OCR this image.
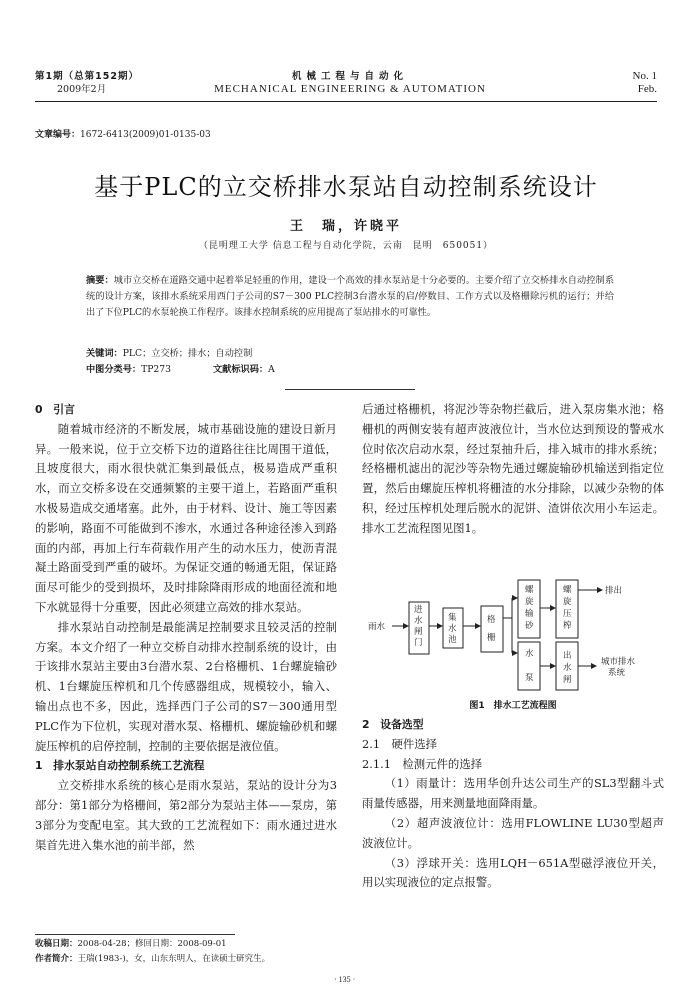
第1期（总第152期）
2009年2月
机械工程与自动化
MECHANICAL ENGINEERING & AUTOMATION
No. 1
Feb.
文章编号：1672-6413(2009)01-0135-03
基于PLC的立交桥排水泵站自动控制系统设计
王　瑞，许晓平
（昆明理工大学 信息工程与自动化学院，云南　昆明　650051）
摘要：城市立交桥在道路交通中起着举足轻重的作用，建设一个高效的排水泵站是十分必要的。主要介绍了立交桥排水自动控制系统的设计方案，该排水系统采用西门子公司的S7－300 PLC控制3台潜水泵的启/停数目、工作方式以及格栅除污机的运行；并给出了下位PLC的水泵轮换工作程序。该排水控制系统的应用提高了泵站排水的可靠性。
关键词：PLC；立交桥；排水；自动控制
中图分类号：TP273	文献标识码：A
0　引言

随着城市经济的不断发展，城市基础设施的建设日新月异。一般来说，位于立交桥下边的道路往往比周围干道低，且坡度很大，雨水很快就汇集到最低点，极易造成严重积水，而立交桥多设在交通频繁的主要干道上，若路面严重积水极易造成交通堵塞。此外，由于材料、设计、施工等因素的影响，路面不可能做到不渗水，水通过各种途径渗入到路面的内部，再加上行车荷载作用产生的动水压力，使沥青混凝土路面受到严重的破坏。为保证交通的畅通无阻，保证路面尽可能少的受到损坏，及时排除降雨形成的地面径流和地下水就显得十分重要，因此必须建立高效的排水泵站。

排水泵站自动控制是最能满足控制要求且较灵活的控制方案。本文介绍了一种立交桥自动排水控制系统的设计，由于该排水泵站主要由3台潜水泵、2台格栅机、1台螺旋输砂机、1台螺旋压榨机和几个传感器组成，规模较小，输入、输出点也不多，因此，选择西门子公司的S7－300通用型PLC作为下位机，实现对潜水泵、格栅机、螺旋输砂机和螺旋压榨机的启停控制，控制的主要依据是液位值。

1　排水泵站自动控制系统工艺流程

立交桥排水系统的核心是雨水泵站，泵站的设计分为3部分：第1部分为格栅间，第2部分为泵站主体——泵房，第3部分为变配电室。其大致的工艺流程如下：雨水通过进水渠首先进入集水池的前半部，然

后通过格栅机，将泥沙等杂物拦截后，进入泵房集水池；格栅机的两侧安装有超声波液位计，当水位达到预设的警戒水位时依次启动水泵，经过泵抽升后，排入城市的排水系统；经格栅机滤出的泥沙等杂物先通过螺旋输砂机输送到指定位置，然后由螺旋压榨机将栅渣的水分排除，以减少杂物的体积，经过压榨机处理后脱水的泥饼、渣饼依次用小车运走。排水工艺流程图见图1。

雨水
进水闸门
集水池
格栅
螺旋输砂
螺旋压榨
排出
水泵
出水闸
城市排水系统
图1　排水工艺流程图
2　设备选型
2.1　硬件选择
2.1.1　检测元件的选择

（1）雨量计：选用华创升达公司生产的SL3型翻斗式雨量传感器，用来测量地面降雨量。

（2）超声波液位计：选用FLOWLINE LU30型超声波液位计。

（3）浮球开关：选用LQH－651A型磁浮液位开关，用以实现液位的定点报警。

收稿日期：2008-04-28；修回日期：2008-09-01
作者简介：王瑞(1983-)，女，山东东明人，在读硕士研究生。
· 135 ·
